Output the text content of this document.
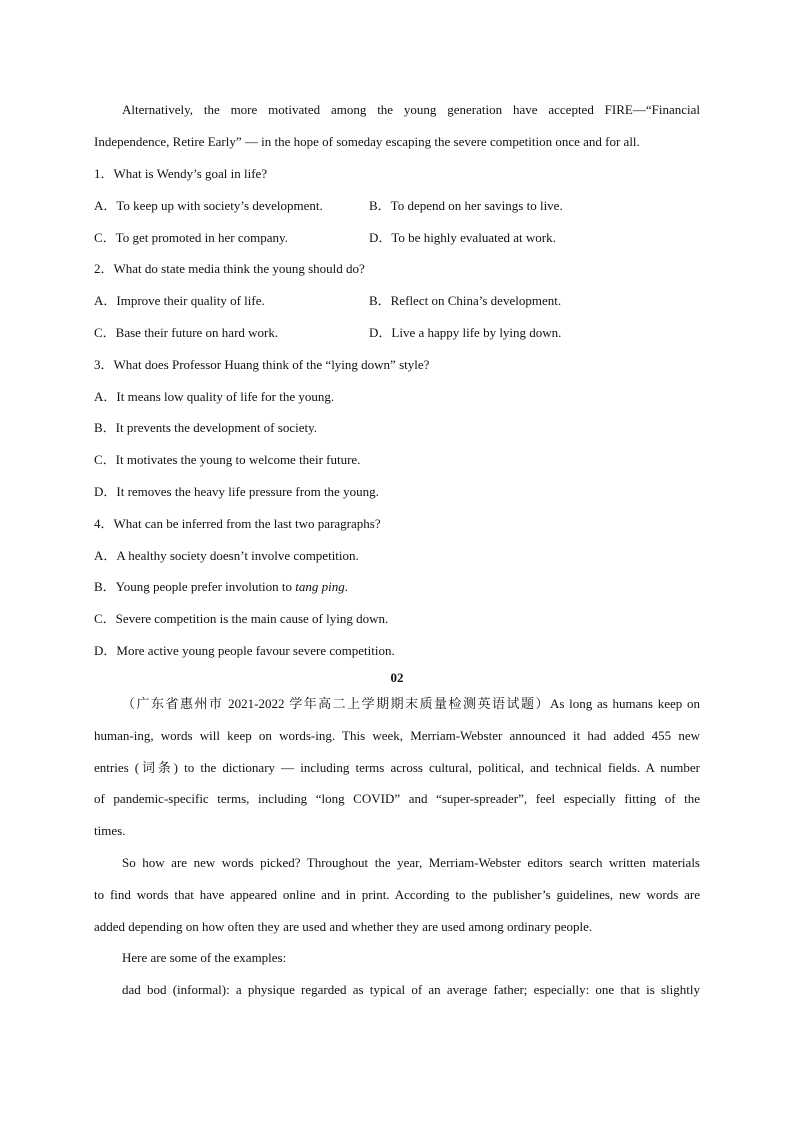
Alternatively, the more motivated among the young generation have accepted FIRE—“Financial
Independence, Retire Early” — in the hope of someday escaping the severe competition once and for all.
1．What is Wendy’s goal in life?
A．To keep up with society’s development.	B．To depend on her savings to live.
C．To get promoted in her company.	D．To be highly evaluated at work.
2．What do state media think the young should do?
A．Improve their quality of life.	B．Reflect on China’s development.
C．Base their future on hard work.	D．Live a happy life by lying down.
3．What does Professor Huang think of the “lying down” style?
A．It means low quality of life for the young.
B．It prevents the development of society.
C．It motivates the young to welcome their future.
D．It removes the heavy life pressure from the young.
4．What can be inferred from the last two paragraphs?
A．A healthy society doesn’t involve competition.
B．Young people prefer involution to tang ping.
C．Severe competition is the main cause of lying down.
D．More active young people favour severe competition.
02
（广东省惠州市 2021-2022 学年高二上学期期末质量检测英语试题）As long as humans keep on
human-ing, words will keep on words-ing. This week, Merriam-Webster announced it had added 455 new
entries (词条) to the dictionary — including terms across cultural, political, and technical fields. A number
of pandemic-specific terms, including “long COVID” and “super-spreader”, feel especially fitting of the
times.
So how are new words picked? Throughout the year, Merriam-Webster editors search written materials
to find words that have appeared online and in print. According to the publisher’s guidelines, new words are
added depending on how often they are used and whether they are used among ordinary people.
Here are some of the examples:
dad bod (informal): a physique regarded as typical of an average father; especially: one that is slightly
